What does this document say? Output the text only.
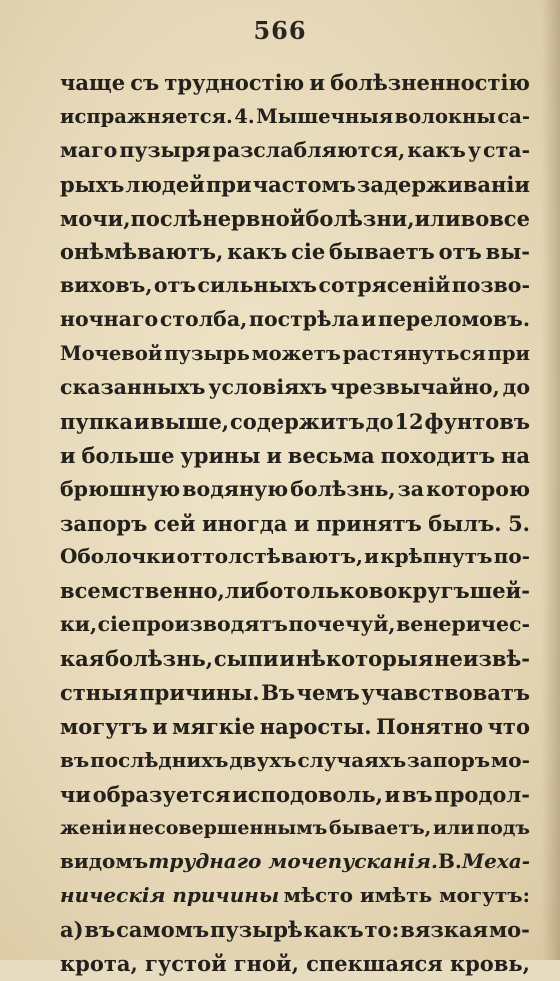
566
чаще съ трудностію и болѣзненностію
испражняется. 4. Мышечныя волокны са-
маго пузыря разслабляются, какъ у ста-
рыхъ людей при частомъ задерживаніи
мочи, послѣ нервной болѣзни, или вовсе
онѣмѣваютъ, какъ сіе бываетъ отъ вы-
виховъ, отъ сильныхъ сотрясеній позво-
ночнаго столба, пострѣла и переломовъ.
Мочевой пузырь можетъ растянуться при
сказанныхъ условіяхъ чрезвычайно, до
пупка и выше, содержитъ до 12 фунтовъ
и больше урины и весьма походитъ на
брюшную водяную болѣзнь, за которою
запоръ сей иногда и принятъ былъ. 5.
Оболочки оттолстѣваютъ, и крѣпнутъ по-
всемственно, либо только вокругъ шей-
ки, сіе производятъ почечуй, венеричес-
кая болѣзнь, сыпи и нѣкоторыя неизвѣ-
стныя причины. Въ чемъ учавствоватъ
могутъ и мягкіе наросты. Понятно что
въ послѣднихъ двухъ случаяхъ запоръ мо-
чи образуется исподоволь, и въ продол-
женіи несовершеннымъ бываетъ, или подъ
видомъ труднаго мочепусканія. В. Меха-
ническія причины мѣсто имѣть могутъ:
а) въ самомъ пузырѣ какъ то: вязкая мо-
крота, густой гной, спекшаяся кровь,
